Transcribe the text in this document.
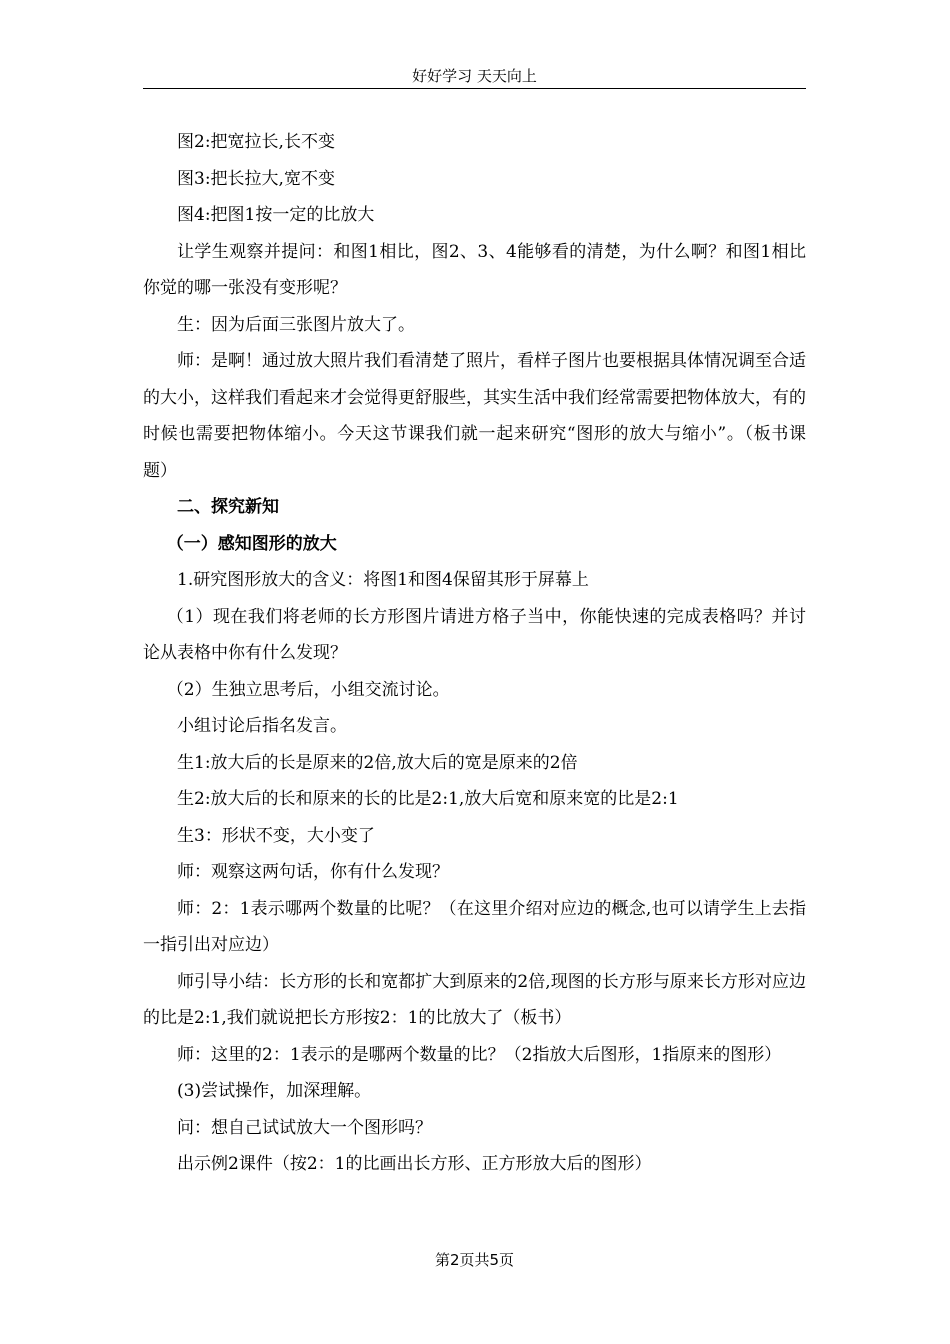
好好学习 天天向上

图2:把宽拉长,长不变

图3:把长拉大,宽不变

图4:把图1按一定的比放大

让学生观察并提问：和图1相比，图2、3、4能够看的清楚，为什么啊？和图1相比你觉的哪一张没有变形呢？

生：因为后面三张图片放大了。

师：是啊！通过放大照片我们看清楚了照片，看样子图片也要根据具体情况调至合适的大小，这样我们看起来才会觉得更舒服些，其实生活中我们经常需要把物体放大，有的时候也需要把物体缩小。今天这节课我们就一起来研究“图形的放大与缩小”。（板书课题）

二、探究新知

（一）感知图形的放大

1.研究图形放大的含义：将图1和图4保留其形于屏幕上

（1）现在我们将老师的长方形图片请进方格子当中，你能快速的完成表格吗？并讨论从表格中你有什么发现？

（2）生独立思考后，小组交流讨论。

小组讨论后指名发言。

生1:放大后的长是原来的2倍,放大后的宽是原来的2倍

生2:放大后的长和原来的长的比是2:1,放大后宽和原来宽的比是2:1

生3：形状不变，大小变了

师：观察这两句话，你有什么发现？

师：2：1表示哪两个数量的比呢？（在这里介绍对应边的概念,也可以请学生上去指一指引出对应边）

师引导小结：长方形的长和宽都扩大到原来的2倍,现图的长方形与原来长方形对应边的比是2:1,我们就说把长方形按2：1的比放大了（板书）

师：这里的2：1表示的是哪两个数量的比？（2指放大后图形，1指原来的图形）

(3)尝试操作，加深理解。

问：想自己试试放大一个图形吗？

出示例2课件（按2：1的比画出长方形、正方形放大后的图形）

第2页共5页
